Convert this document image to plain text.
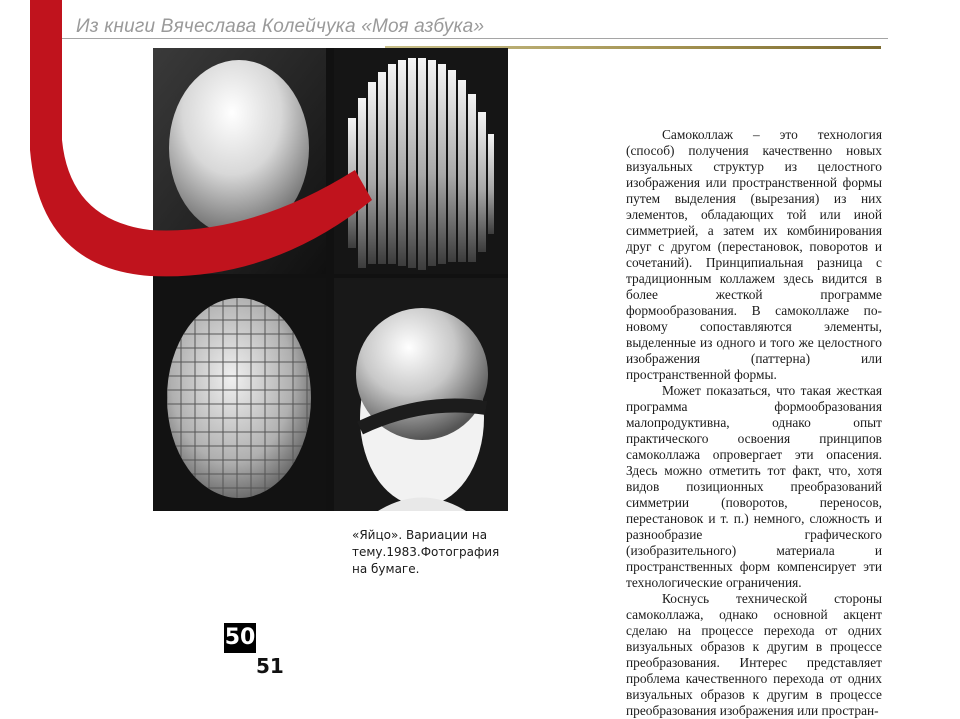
Из книги Вячеслава Колейчука «Моя азбука»
«Яйцо». Вариации на тему.1983.Фотография на бумаге.
50
51

Самоколлаж – это технология (способ) получения качественно новых визуальных структур из целостного изображения или пространственной формы путем выделения (вырезания) из них элементов, обладающих той или иной симметрией, а затем их комбинирования друг с другом (перестановок, поворотов и сочетаний). Принципиальная разница с традиционным коллажем здесь видится в более жесткой программе формообразования. В самоколлаже по-новому сопоставляются элементы, выделенные из одного и того же целостного изображения (паттерна) или пространственной формы.

Может показаться, что такая жесткая программа формообразования малопродуктивна, однако опыт практического освоения принципов самоколлажа опровергает эти опасения. Здесь можно отметить тот факт, что, хотя видов позиционных преобразований симметрии (поворотов, переносов, перестановок и т. п.) немного, сложность и разнообразие графического (изобразительного) материала и пространственных форм компенсирует эти технологические ограничения.

Коснусь технической стороны самоколлажа, однако основной акцент сделаю на процессе перехода от одних визуальных образов к другим в процессе преобразования. Интерес представляет проблема качественного перехода от одних визуальных образов к другим в процессе преобразования изображения или простран-
